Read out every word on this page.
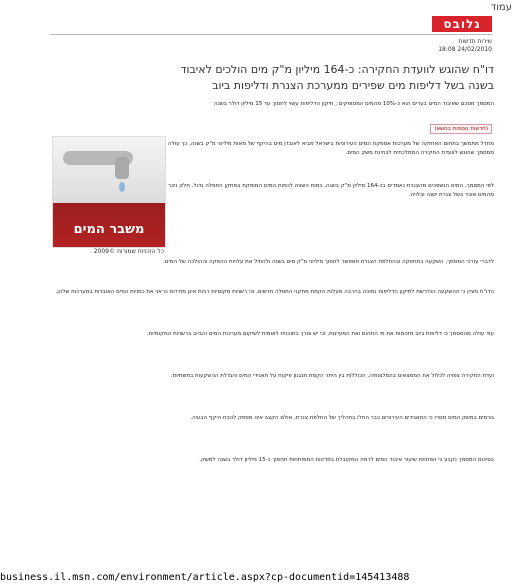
עמוד
גלובס
שירות חדשות
18:08 24/02/2010
דו"ח שהוגש לוועדת החקירה: כ-164 מיליון מ"ק מים הולכים לאיבוד
בשנה בשל דליפות מים שפירים ממערכת הצנרת ודליפות ביוב
המסמך מסכם שאיבוד המים בערים הוא כ-10% מהמים המסופקים ; תיקון הדליפות עשוי לחסוך עד 15 מיליון דולר בשנה
(חדשות נוספות בנושא)
משבר המים
כל הזכויות שמורות ©2009
מחדל מתמשך בתחום האחזקה של מערכות אספקת המים העירוניות בישראל מביא לאובדן מים בהיקף של מאות מיליוני מ"ק בשנה, כך עולה ממסמך שהוגש לוועדת החקירה הממלכתית לבחינת משק המים.
לפי המסמך, המים הנשפכים מהצנרת נאמדים בכ-164 מיליון מ"ק בשנה, כמות השווה לכמות המים המופקת במתקן התפלה גדול. חלק ניכר מהמים אובד בשל צנרת ישנה ובלויה.
לדברי עורכי המסמך, השקעה בתחזוקה ובהחלפת הצנרת תאפשר לחסוך מיליוני מ"ק מים בשנה ולהוזיל את עלויות ההפקה וההולכה של המים.
הדו"ח מציין כי ההשקעה הנדרשת לתיקון הדליפות נמוכה בהרבה מעלות הקמת מתקני התפלה חדשים, וכי רשויות מקומיות רבות אינן מודדות כראוי את כמויות המים האובדות במערכות שלהן.
עוד עולה מהמסמך כי דליפות ביוב מזהמות את מי התהום ואת המעיינות, וכי יש צורך בתוכנית לאומית לשיקום מערכות המים והביוב ברשויות המקומיות.
ועדת החקירה צפויה לכלול את הממצאים בהמלצותיה, הכוללות בין היתר הקמת מנגנון פיקוח על תאגידי המים והגדלת ההשקעות בתשתיות.
גורמים במשק המים מסרו כי התאגידים העירוניים כבר החלו בתהליך של החלפת צנרת, אולם הקצב אינו מספק לנוכח היקף הבעיה.
בסיכום המסמך נקבע כי הפחתת שיעור איבוד המים לרמה המקובלת במדינות המפותחות תחסוך כ-15 מיליון דולר בשנה למשק.
business.il.msn.com/environment/article.aspx?cp-documentid=145413488
